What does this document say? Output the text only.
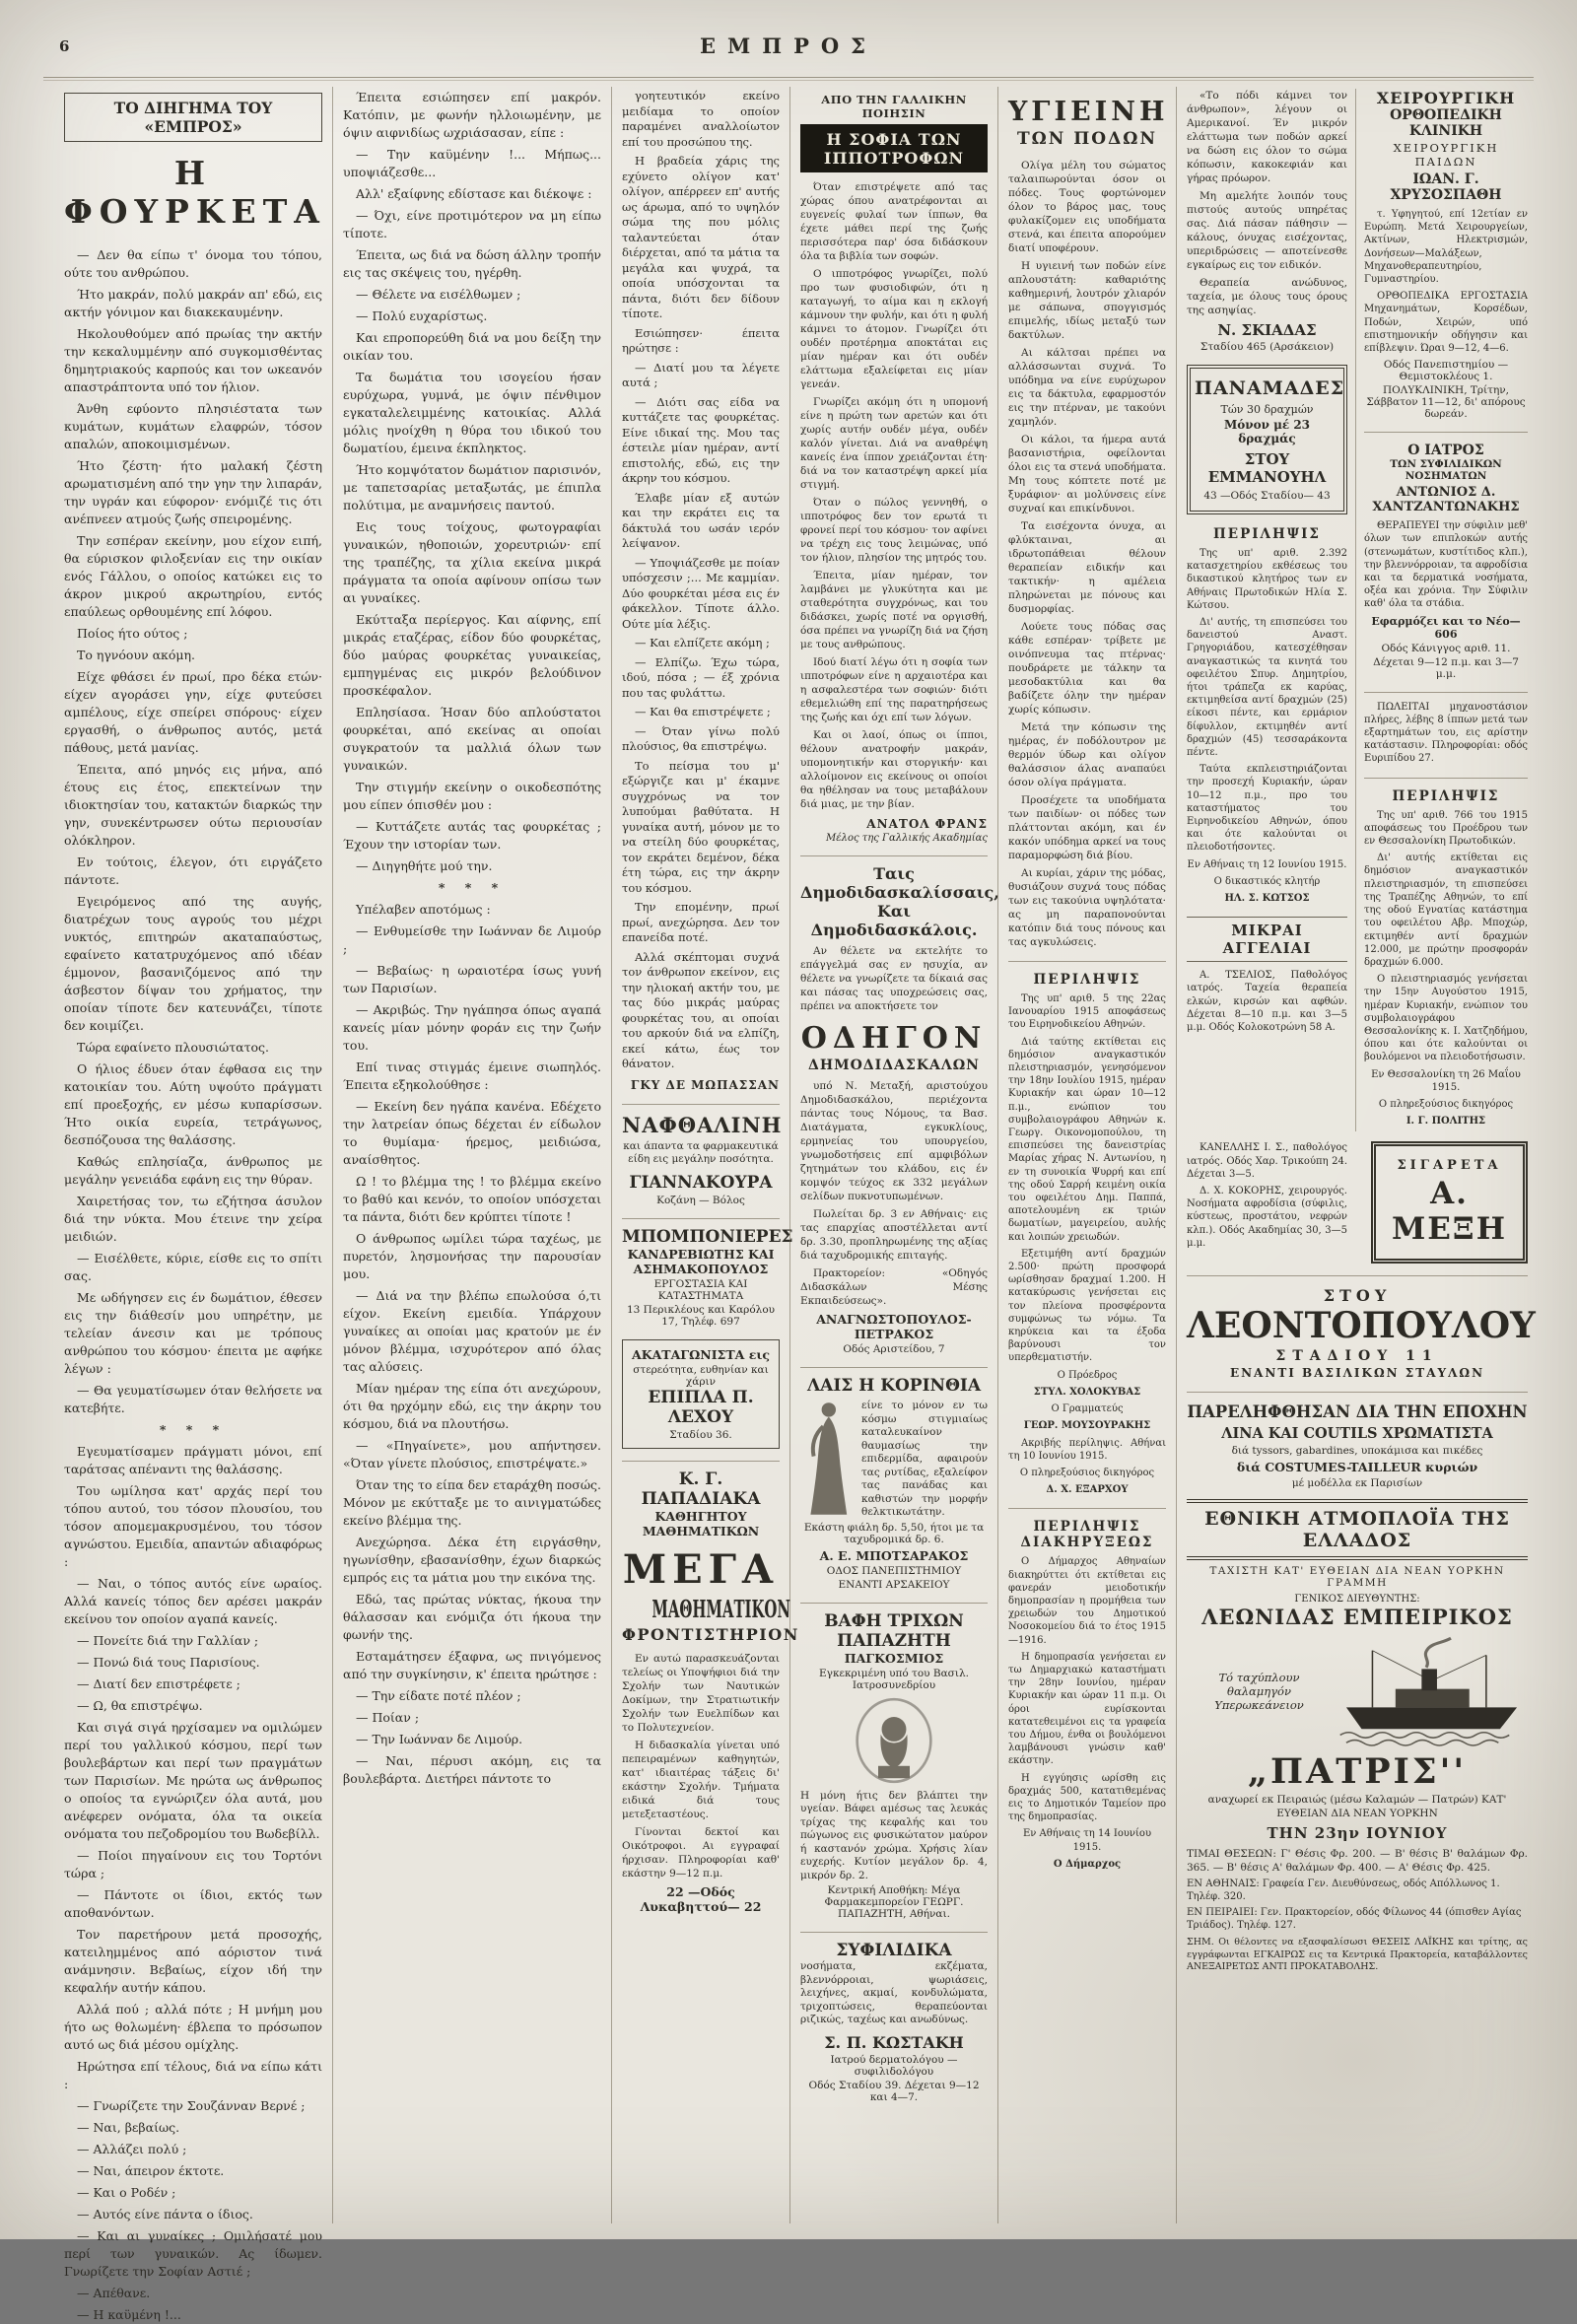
6	ΕΜΠΡΟΣ
ΤΟ ΔΙΗΓΗΜΑ ΤΟΥ «ΕΜΠΡΟΣ»
Η ΦΟΥΡΚΕΤΑ

— Δεν θα είπω τ' όνομα του τόπου, ούτε του ανθρώπου.

Ήτο μακράν, πολύ μακράν απ' εδώ, εις ακτήν γόνιμον και διακεκαυμένην.

Ηκολουθούμεν από πρωίας την ακτήν την κεκαλυμμένην από συγκομισθέντας δημητριακούς καρπούς και τον ωκεανόν απαστράπτοντα υπό τον ήλιον.

Άνθη εφύοντο πλησιέστατα των κυμάτων, κυμάτων ελαφρών, τόσον απαλών, αποκοιμισμένων.

Ήτο ζέστη· ήτο μαλακή ζέστη αρωματισμένη από την γην την λιπαράν, την υγράν και εύφορον· ενόμιζέ τις ότι ανέπνεεν ατμούς ζωής σπειρομένης.

Την εσπέραν εκείνην, μου είχον ειπή, θα εύρισκον φιλοξενίαν εις την οικίαν ενός Γάλλου, ο οποίος κατώκει εις το άκρον μικρού ακρωτηρίου, εντός επαύλεως ορθουμένης επί λόφου.

Ποίος ήτο ούτος ;

Το ηγνόουν ακόμη.

Είχε φθάσει έν πρωί, προ δέκα ετών· είχεν αγοράσει γην, είχε φυτεύσει αμπέλους, είχε σπείρει σπόρους· είχεν εργασθή, ο άνθρωπος αυτός, μετά πάθους, μετά μανίας.

Έπειτα, από μηνός εις μήνα, από έτους εις έτος, επεκτείνων την ιδιοκτησίαν του, κατακτών διαρκώς την γην, συνεκέντρωσεν ούτω περιουσίαν ολόκληρον.

Εν τούτοις, έλεγον, ότι ειργάζετο πάντοτε.

Εγειρόμενος από της αυγής, διατρέχων τους αγρούς του μέχρι νυκτός, επιτηρών ακαταπαύστως, εφαίνετο κατατρυχόμενος από ιδέαν έμμονον, βασανιζόμενος από την άσβεστον δίψαν του χρήματος, την οποίαν τίποτε δεν κατευνάζει, τίποτε δεν κοιμίζει.

Τώρα εφαίνετο πλουσιώτατος.

Ο ήλιος έδυεν όταν έφθασα εις την κατοικίαν του. Αύτη υψούτο πράγματι επί προεξοχής, εν μέσω κυπαρίσσων. Ήτο οικία ευρεία, τετράγωνος, δεσπόζουσα της θαλάσσης.

Καθώς επλησίαζα, άνθρωπος με μεγάλην γενειάδα εφάνη εις την θύραν.

Χαιρετήσας τον, τω εζήτησα άσυλον διά την νύκτα. Μου έτεινε την χείρα μειδιών.

— Εισέλθετε, κύριε, είσθε εις το σπίτι σας.

Με ωδήγησεν εις έν δωμάτιον, έθεσεν εις την διάθεσίν μου υπηρέτην, με τελείαν άνεσιν και με τρόπους ανθρώπου του κόσμου· έπειτα με αφήκε λέγων :

— Θα γευματίσωμεν όταν θελήσετε να κατεβήτε.

* * *

Εγευματίσαμεν πράγματι μόνοι, επί ταράτσας απέναντι της θαλάσσης.

Του ωμίλησα κατ' αρχάς περί του τόπου αυτού, του τόσον πλουσίου, του τόσον απομεμακρυσμένου, του τόσον αγνώστου. Εμειδία, απαντών αδιαφόρως :

— Ναι, ο τόπος αυτός είνε ωραίος. Αλλά κανείς τόπος δεν αρέσει μακράν εκείνου τον οποίον αγαπά κανείς.

— Πονείτε διά την Γαλλίαν ;

— Πονώ διά τους Παρισίους.

— Διατί δεν επιστρέφετε ;

— Ω, θα επιστρέψω.

Και σιγά σιγά ηρχίσαμεν να ομιλώμεν περί του γαλλικού κόσμου, περί των βουλεβάρτων και περί των πραγμάτων των Παρισίων. Με ηρώτα ως άνθρωπος ο οποίος τα εγνώριζεν όλα αυτά, μου ανέφερεν ονόματα, όλα τα οικεία ονόματα του πεζοδρομίου του Βωδεβίλλ.

— Ποίοι πηγαίνουν εις του Τορτόνι τώρα ;

— Πάντοτε οι ίδιοι, εκτός των αποθανόντων.

Τον παρετήρουν μετά προσοχής, κατειλημμένος από αόριστον τινά ανάμνησιν. Βεβαίως, είχον ιδή την κεφαλήν αυτήν κάπου.

Αλλά πού ; αλλά πότε ; Η μνήμη μου ήτο ως θολωμένη· έβλεπα το πρόσωπον αυτό ως διά μέσου ομίχλης.

Ηρώτησα επί τέλους, διά να είπω κάτι :

— Γνωρίζετε την Σουζάνναν Βερνέ ;

— Ναι, βεβαίως.

— Αλλάζει πολύ ;

— Ναι, άπειρον έκτοτε.

— Και ο Ροδέν ;

— Αυτός είνε πάντα ο ίδιος.

— Και αι γυναίκες ; Ομιλήσατέ μου περί των γυναικών. Ας ίδωμεν. Γνωρίζετε την Σοφίαν Αστιέ ;

— Απέθανε.

— Η καϋμένη !...

Έπειτα εσιώπησεν επί μακρόν. Κατόπιν, με φωνήν ηλλοιωμένην, με όψιν αιφνιδίως ωχριάσασαν, είπε :

— Την καϋμένην !... Μήπως... υποψιάζεσθε...

Αλλ' εξαίφνης εδίστασε και διέκοψε :

— Όχι, είνε προτιμότερον να μη είπω τίποτε.

Έπειτα, ως διά να δώση άλλην τροπήν εις τας σκέψεις του, ηγέρθη.

— Θέλετε να εισέλθωμεν ;

— Πολύ ευχαρίστως.

Και επροπορεύθη διά να μου δείξη την οικίαν του.

Τα δωμάτια του ισογείου ήσαν ευρύχωρα, γυμνά, με όψιν πένθιμον εγκαταλελειμμένης κατοικίας. Αλλά μόλις ηνοίχθη η θύρα του ιδικού του δωματίου, έμεινα έκπληκτος.

Ήτο κομψότατον δωμάτιον παρισινόν, με ταπετσαρίας μεταξωτάς, με έπιπλα πολύτιμα, με αναμνήσεις παντού.

Εις τους τοίχους, φωτογραφίαι γυναικών, ηθοποιών, χορευτριών· επί της τραπέζης, τα χίλια εκείνα μικρά πράγματα τα οποία αφίνουν οπίσω των αι γυναίκες.

Εκύτταξα περίεργος. Και αίφνης, επί μικράς εταζέρας, είδον δύο φουρκέτας, δύο μαύρας φουρκέτας γυναικείας, εμπηγμένας εις μικρόν βελούδινον προσκέφαλον.

Επλησίασα. Ήσαν δύο απλούστατοι φουρκέται, από εκείνας αι οποίαι συγκρατούν τα μαλλιά όλων των γυναικών.

Την στιγμήν εκείνην ο οικοδεσπότης μου είπεν όπισθέν μου :

— Κυττάζετε αυτάς τας φουρκέτας ; Έχουν την ιστορίαν των.

— Διηγηθήτε μού την.

* * *

Υπέλαβεν αποτόμως :

— Ενθυμείσθε την Ιωάνναν δε Λιμούρ ;

— Βεβαίως· η ωραιοτέρα ίσως γυνή των Παρισίων.

— Ακριβώς. Την ηγάπησα όπως αγαπά κανείς μίαν μόνην φοράν εις την ζωήν του.

Επί τινας στιγμάς έμεινε σιωπηλός. Έπειτα εξηκολούθησε :

— Εκείνη δεν ηγάπα κανένα. Εδέχετο την λατρείαν όπως δέχεται έν είδωλον το θυμίαμα· ήρεμος, μειδιώσα, αναίσθητος.

Ω ! το βλέμμα της ! το βλέμμα εκείνο το βαθύ και κενόν, το οποίον υπόσχεται τα πάντα, διότι δεν κρύπτει τίποτε !

Ο άνθρωπος ωμίλει τώρα ταχέως, με πυρετόν, λησμονήσας την παρουσίαν μου.

— Διά να την βλέπω επωλούσα ό,τι είχον. Εκείνη εμειδία. Υπάρχουν γυναίκες αι οποίαι μας κρατούν με έν μόνον βλέμμα, ισχυρότερον από όλας τας αλύσεις.

Μίαν ημέραν της είπα ότι ανεχώρουν, ότι θα ηρχόμην εδώ, εις την άκρην του κόσμου, διά να πλουτήσω.

— «Πηγαίνετε», μου απήντησεν. «Όταν γίνετε πλούσιος, επιστρέψατε.»

Όταν της το είπα δεν εταράχθη ποσώς. Μόνον με εκύτταξε με το αινιγματώδες εκείνο βλέμμα της.

Ανεχώρησα. Δέκα έτη ειργάσθην, ηγωνίσθην, εβασανίσθην, έχων διαρκώς εμπρός εις τα μάτια μου την εικόνα της.

Εδώ, τας πρώτας νύκτας, ήκουα την θάλασσαν και ενόμιζα ότι ήκουα την φωνήν της.

Εσταμάτησεν έξαφνα, ως πνιγόμενος από την συγκίνησιν, κ' έπειτα ηρώτησε :

— Την είδατε ποτέ πλέον ;

— Ποίαν ;

— Την Ιωάνναν δε Λιμούρ.

— Ναι, πέρυσι ακόμη, εις τα βουλεβάρτα. Διετήρει πάντοτε το

γοητευτικόν εκείνο μειδίαμα το οποίον παραμένει αναλλοίωτον επί του προσώπου της.

Η βραδεία χάρις της εχύνετο ολίγον κατ' ολίγον, απέρρεεν επ' αυτής ως άρωμα, από το υψηλόν σώμα της που μόλις ταλαντεύεται όταν διέρχεται, από τα μάτια τα μεγάλα και ψυχρά, τα οποία υπόσχονται τα πάντα, διότι δεν δίδουν τίποτε.

Εσιώπησεν· έπειτα ηρώτησε :

— Διατί μου τα λέγετε αυτά ;

— Διότι σας είδα να κυττάζετε τας φουρκέτας. Είνε ιδικαί της. Μου τας έστειλε μίαν ημέραν, αντί επιστολής, εδώ, εις την άκρην του κόσμου.

Έλαβε μίαν εξ αυτών και την εκράτει εις τα δάκτυλά του ωσάν ιερόν λείψανον.

— Υποψιάζεσθε με ποίαν υπόσχεσιν ;... Με καμμίαν. Δύο φουρκέται μέσα εις έν φάκελλον. Τίποτε άλλο. Ούτε μία λέξις.

— Και ελπίζετε ακόμη ;

— Ελπίζω. Έχω τώρα, ιδού, πόσα ; — έξ χρόνια που τας φυλάττω.

— Και θα επιστρέψετε ;

— Όταν γίνω πολύ πλούσιος, θα επιστρέψω.

Το πείσμα του μ' εξώργιζε και μ' έκαμνε συγχρόνως να τον λυπούμαι βαθύτατα. Η γυναίκα αυτή, μόνον με το να στείλη δύο φουρκέτας, τον εκράτει δεμένον, δέκα έτη τώρα, εις την άκρην του κόσμου.

Την επομένην, πρωί πρωί, ανεχώρησα. Δεν τον επανείδα ποτέ.

Αλλά σκέπτομαι συχνά τον άνθρωπον εκείνον, εις την ηλιοκαή ακτήν του, με τας δύο μικράς μαύρας φουρκέτας του, αι οποίαι του αρκούν διά να ελπίζη, εκεί κάτω, έως τον θάνατον.

ΓΚΥ ΔΕ ΜΩΠΑΣΣΑΝ

ΝΑΦΘΑΛΙΝΗ
και άπαντα τα φαρμακευτικά είδη εις μεγάλην ποσότητα.
ΓΙΑΝΝΑΚΟΥΡΑ
Κοζάνη — Βόλος
ΜΠΟΜΠΟΝΙΕΡΕΣ
ΚΑΝΔΡΕΒΙΩΤΗΣ ΚΑΙ ΑΣΗΜΑΚΟΠΟΥΛΟΣ
ΕΡΓΟΣΤΑΣΙΑ ΚΑΙ ΚΑΤΑΣΤΗΜΑΤΑ
13 Περικλέους και Καρόλου 17, Τηλέφ. 697
ΑΚΑΤΑΓΩΝΙΣΤΑ εις
στερεότητα, ευθηνίαν και χάριν
ΕΠΙΠΛΑ Π. ΛΕΧΟΥ
Σταδίου 36.
Κ. Γ. ΠΑΠΑΔΙΑΚΑ
ΚΑΘΗΓΗΤΟΥ ΜΑΘΗΜΑΤΙΚΩΝ
ΜΕΓΑ
ΜΑΘΗΜΑΤΙΚΟΝ
ΦΡΟΝΤΙΣΤΗΡΙΟΝ

Εν αυτώ παρασκευάζονται τελείως οι Υποψήφιοι διά την Σχολήν των Ναυτικών Δοκίμων, την Στρατιωτικήν Σχολήν των Ευελπίδων και το Πολυτεχνείον.

Η διδασκαλία γίνεται υπό πεπειραμένων καθηγητών, κατ' ιδιαιτέρας τάξεις δι' εκάστην Σχολήν. Τμήματα ειδικά διά τους μετεξεταστέους.

Γίνονται δεκτοί και Οικότροφοι. Αι εγγραφαί ήρχισαν. Πληροφορίαι καθ' εκάστην 9—12 π.μ.

22 —Οδός Λυκαβηττού— 22
ΑΠΟ ΤΗΝ ΓΑΛΛΙΚΗΝ ΠΟΙΗΣΙΝ
Η ΣΟΦΙΑ ΤΩΝ ΙΠΠΟΤΡΟΦΩΝ

Όταν επιστρέψετε από τας χώρας όπου ανατρέφονται αι ευγενείς φυλαί των ίππων, θα έχετε μάθει περί της ζωής περισσότερα παρ' όσα διδάσκουν όλα τα βιβλία των σοφών.

Ο ιπποτρόφος γνωρίζει, πολύ προ των φυσιοδιφών, ότι η καταγωγή, το αίμα και η εκλογή κάμνουν την φυλήν, και ότι η φυλή κάμνει το άτομον. Γνωρίζει ότι ουδέν προτέρημα αποκτάται εις μίαν ημέραν και ότι ουδέν ελάττωμα εξαλείφεται εις μίαν γενεάν.

Γνωρίζει ακόμη ότι η υπομονή είνε η πρώτη των αρετών και ότι χωρίς αυτήν ουδέν μέγα, ουδέν καλόν γίνεται. Διά να αναθρέψη κανείς ένα ίππον χρειάζονται έτη· διά να τον καταστρέψη αρκεί μία στιγμή.

Όταν ο πώλος γεννηθή, ο ιπποτρόφος δεν τον ερωτά τι φρονεί περί του κόσμου· τον αφίνει να τρέχη εις τους λειμώνας, υπό τον ήλιον, πλησίον της μητρός του.

Έπειτα, μίαν ημέραν, τον λαμβάνει με γλυκύτητα και με σταθερότητα συγχρόνως, και του διδάσκει, χωρίς ποτέ να οργισθή, όσα πρέπει να γνωρίζη διά να ζήση με τους ανθρώπους.

Ιδού διατί λέγω ότι η σοφία των ιπποτρόφων είνε η αρχαιοτέρα και η ασφαλεστέρα των σοφιών· διότι εθεμελιώθη επί της παρατηρήσεως της ζωής και όχι επί των λόγων.

Και οι λαοί, όπως οι ίπποι, θέλουν ανατροφήν μακράν, υπομονητικήν και στοργικήν· και αλλοίμονον εις εκείνους οι οποίοι θα ηθέλησαν να τους μεταβάλουν διά μιας, με την βίαν.

ΑΝΑΤΟΛ ΦΡΑΝΣ

Μέλος της Γαλλικής Ακαδημίας

Ταις Δημοδιδασκαλίσσαις,

Και Δημοδιδασκάλοις.

Αν θέλετε να εκτελήτε το επάγγελμά σας εν ησυχία, αν θέλετε να γνωρίζετε τα δίκαιά σας και πάσας τας υποχρεώσεις σας, πρέπει να αποκτήσετε τον

ΟΔΗΓΟΝ
ΔΗΜΟΔΙΔΑΣΚΑΛΩΝ

υπό Ν. Μεταξή, αριστούχου Δημοδιδασκάλου, περιέχοντα πάντας τους Νόμους, τα Βασ. Διατάγματα, εγκυκλίους, ερμηνείας του υπουργείου, γνωμοδοτήσεις επί αμφιβόλων ζητημάτων του κλάδου, εις έν κομψόν τεύχος εκ 332 μεγάλων σελίδων πυκνοτυπωμένων.

Πωλείται δρ. 3 εν Αθήναις· εις τας επαρχίας αποστέλλεται αντί δρ. 3.30, προπληρωμένης της αξίας διά ταχυδρομικής επιταγής.

Πρακτορείον: «Οδηγός Διδασκάλων Μέσης Εκπαιδεύσεως».

ΑΝΑΓΝΩΣΤΟΠΟΥΛΟΣ-ΠΕΤΡΑΚΟΣ
Οδός Αριστείδου, 7
ΛΑΙΣ Η ΚΟΡΙΝΘΙΑ
είνε το μόνον εν τω κόσμω στιγμιαίως καταλευκαίνον θαυμασίως την επιδερμίδα, αφαιρούν τας ρυτίδας, εξαλείφον τας πανάδας και καθιστών την μορφήν θελκτικωτάτην.
Εκάστη φιάλη δρ. 5,50, ήτοι με τα ταχυδρομικά δρ. 6.
Α. Ε. ΜΠΟΤΣΑΡΑΚΟΣ
ΟΔΟΣ ΠΑΝΕΠΙΣΤΗΜΙΟΥ
ΕΝΑΝΤΙ ΑΡΣΑΚΕΙΟΥ
ΒΑΦΗ ΤΡΙΧΩΝ
ΠΑΠΑΖΗΤΗ
ΠΑΓΚΟΣΜΙΟΣ
Εγκεκριμένη υπό του Βασιλ. Ιατροσυνεδρίου
Η μόνη ήτις δεν βλάπτει την υγείαν. Βάφει αμέσως τας λευκάς τρίχας της κεφαλής και του πώγωνος εις φυσικώτατον μαύρον ή καστανόν χρώμα. Χρήσις λίαν ευχερής. Κυτίον μεγάλον δρ. 4, μικρόν δρ. 2.
Κεντρική Αποθήκη: Μέγα Φαρμακεμπορείον ΓΕΩΡΓ. ΠΑΠΑΖΗΤΗ, Αθήναι.
ΣΥΦΙΛΙΔΙΚΑ
νοσήματα, εκζέματα, βλεννόρροιαι, ψωριάσεις, λειχήνες, ακμαί, κονδυλώματα, τριχοπτώσεις, θεραπεύονται ριζικώς, ταχέως και ανωδύνως.
Σ. Π. ΚΩΣΤΑΚΗ
Ιατρού δερματολόγου — συφιλιδολόγου
Οδός Σταδίου 39. Δέχεται 9—12 και 4—7.
ΥΓΙΕΙΝΗ
ΤΩΝ ΠΟΔΩΝ

Ολίγα μέλη του σώματος ταλαιπωρούνται όσον οι πόδες. Τους φορτώνομεν όλον το βάρος μας, τους φυλακίζομεν εις υποδήματα στενά, και έπειτα απορούμεν διατί υποφέρουν.

Η υγιεινή των ποδών είνε απλουστάτη: καθαριότης καθημερινή, λουτρόν χλιαρόν με σάπωνα, σπογγισμός επιμελής, ιδίως μεταξύ των δακτύλων.

Αι κάλτσαι πρέπει να αλλάσσωνται συχνά. Το υπόδημα να είνε ευρύχωρον εις τα δάκτυλα, εφαρμοστόν εις την πτέρναν, με τακούνι χαμηλόν.

Οι κάλοι, τα ήμερα αυτά βασανιστήρια, οφείλονται όλοι εις τα στενά υποδήματα. Μη τους κόπτετε ποτέ με ξυράφιον· αι μολύνσεις είνε συχναί και επικίνδυνοι.

Τα εισέχοντα όνυχα, αι φλύκταιναι, αι ιδρωτοπάθειαι θέλουν θεραπείαν ειδικήν και τακτικήν· η αμέλεια πληρώνεται με πόνους και δυσμορφίας.

Λούετε τους πόδας σας κάθε εσπέραν· τρίβετε με οινόπνευμα τας πτέρνας· πουδράρετε με τάλκην τα μεσοδακτύλια και θα βαδίζετε όλην την ημέραν χωρίς κόπωσιν.

Μετά την κόπωσιν της ημέρας, έν ποδόλουτρον με θερμόν ύδωρ και ολίγον θαλάσσιον άλας αναπαύει όσον ολίγα πράγματα.

Προσέχετε τα υποδήματα των παιδίων· οι πόδες των πλάττονται ακόμη, και έν κακόν υπόδημα αρκεί να τους παραμορφώση διά βίου.

Αι κυρίαι, χάριν της μόδας, θυσιάζουν συχνά τους πόδας των εις τακούνια υψηλότατα· ας μη παραπονούνται κατόπιν διά τους πόνους και τας αγκυλώσεις.

ΠΕΡΙΛΗΨΙΣ

Της υπ' αριθ. 5 της 22ας Ιανουαρίου 1915 αποφάσεως του Ειρηνοδικείου Αθηνών.

Διά ταύτης εκτίθεται εις δημόσιον αναγκαστικόν πλειστηριασμόν, γενησόμενον την 18ην Ιουλίου 1915, ημέραν Κυριακήν και ώραν 10—12 π.μ., ενώπιον του συμβολαιογράφου Αθηνών κ. Γεωργ. Οικονομοπούλου, τη επισπεύσει της δανειστρίας Μαρίας χήρας Ν. Αντωνίου, η εν τη συνοικία Ψυρρή και επί της οδού Σαρρή κειμένη οικία του οφειλέτου Δημ. Παππά, αποτελουμένη εκ τριών δωματίων, μαγειρείου, αυλής και λοιπών χρειωδών.

Εξετιμήθη αντί δραχμών 2.500· πρώτη προσφορά ωρίσθησαν δραχμαί 1.200. Η κατακύρωσις γενήσεται εις τον πλείονα προσφέροντα συμφώνως τω νόμω. Τα κηρύκεια και τα έξοδα βαρύνουσι τον υπερθεματιστήν.

Ο Πρόεδρος

ΣΤΥΛ. ΧΟΛΟΚΥΒΑΣ

Ο Γραμματεύς

ΓΕΩΡ. ΜΟΥΣΟΥΡΑΚΗΣ

Ακριβής περίληψις. Αθήναι τη 10 Ιουνίου 1915.

Ο πληρεξούσιος δικηγόρος

Δ. Χ. ΕΞΑΡΧΟΥ

ΠΕΡΙΛΗΨΙΣ ΔΙΑΚΗΡΥΞΕΩΣ

Ο Δήμαρχος Αθηναίων διακηρύττει ότι εκτίθεται εις φανεράν μειοδοτικήν δημοπρασίαν η προμήθεια των χρειωδών του Δημοτικού Νοσοκομείου διά το έτος 1915—1916.

Η δημοπρασία γενήσεται εν τω Δημαρχιακώ καταστήματι την 28ην Ιουνίου, ημέραν Κυριακήν και ώραν 11 π.μ. Οι όροι ευρίσκονται κατατεθειμένοι εις τα γραφεία του Δήμου, ένθα οι βουλόμενοι λαμβάνουσι γνώσιν καθ' εκάστην.

Η εγγύησις ωρίσθη εις δραχμάς 500, κατατιθεμένας εις το Δημοτικόν Ταμείον προ της δημοπρασίας.

Εν Αθήναις τη 14 Ιουνίου 1915.

Ο Δήμαρχος

«Το πόδι κάμνει τον άνθρωπον», λέγουν οι Αμερικανοί. Έν μικρόν ελάττωμα των ποδών αρκεί να δώση εις όλον το σώμα κόπωσιν, κακοκεφιάν και γήρας πρόωρον.

Μη αμελήτε λοιπόν τους πιστούς αυτούς υπηρέτας σας. Διά πάσαν πάθησιν — κάλους, όνυχας εισέχοντας, υπεριδρώσεις — αποτείνεσθε εγκαίρως εις τον ειδικόν.

Θεραπεία ανώδυνος, ταχεία, με όλους τους όρους της ασηψίας.

Ν. ΣΚΙΑΔΑΣ
Σταδίου 465 (Αρσάκειον)
ΠΑΝΑΜΑΔΕΣ
Τών 30 δραχμών
Μόνον μέ 23 δραχμάς
ΣΤΟΥ ΕΜΜΑΝΟΥΗΛ
43 —Οδός Σταδίου— 43
ΠΕΡΙΛΗΨΙΣ

Της υπ' αριθ. 2.392 κατασχετηρίου εκθέσεως του δικαστικού κλητήρος των εν Αθήναις Πρωτοδικών Ηλία Σ. Κώτσου.

Δι' αυτής, τη επισπεύσει του δανειστού Αναστ. Γρηγοριάδου, κατεσχέθησαν αναγκαστικώς τα κινητά του οφειλέτου Σπυρ. Δημητρίου, ήτοι τράπεζα εκ καρύας, εκτιμηθείσα αντί δραχμών (25) είκοσι πέντε, και ερμάριον δίφυλλον, εκτιμηθέν αντί δραχμών (45) τεσσαράκοντα πέντε.

Ταύτα εκπλειστηριάζονται την προσεχή Κυριακήν, ώραν 10—12 π.μ., προ του καταστήματος του Ειρηνοδικείου Αθηνών, όπου και ότε καλούνται οι πλειοδοτήσοντες.

Εν Αθήναις τη 12 Ιουνίου 1915.

Ο δικαστικός κλητήρ

ΗΛ. Σ. ΚΩΤΣΟΣ

ΜΙΚΡΑΙ ΑΓΓΕΛΙΑΙ

Α. ΤΣΕΛΙΟΣ, Παθολόγος ιατρός. Ταχεία θεραπεία ελκών, κιρσών και αφθών. Δέχεται 8—10 π.μ. και 3—5 μ.μ. Οδός Κολοκοτρώνη 58 Α.

ΧΕΙΡΟΥΡΓΙΚΗ
ΟΡΘΟΠΕΔΙΚΗ ΚΛΙΝΙΚΗ
ΧΕΙΡΟΥΡΓΙΚΗ ΠΑΙΔΩΝ
ΙΩΑΝ. Γ. ΧΡΥΣΟΣΠΑΘΗ

τ. Υφηγητού, επί 12ετίαν εν Ευρώπη. Μετά Χειρουργείων, Ακτίνων, Ηλεκτρισμών, Δονήσεων—Μαλάξεων, Μηχανοθεραπευτηρίου, Γυμναστηρίου.

ΟΡΘΟΠΕΔΙΚΑ ΕΡΓΟΣΤΑΣΙΑ Μηχανημάτων, Κορσέδων, Ποδών, Χειρών, υπό επιστημονικήν οδήγησιν και επίβλεψιν. Ώραι 9—12, 4—6.

Οδός Πανεπιστημίου — Θεμιστοκλέους 1.
ΠΟΛΥΚΛΙΝΙΚΗ, Τρίτην, Σάββατον 11—12, δι' απόρους δωρεάν.
Ο ΙΑΤΡΟΣ
ΤΩΝ ΣΥΦΙΛΙΔΙΚΩΝ ΝΟΣΗΜΑΤΩΝ
ΑΝΤΩΝΙΟΣ Δ. ΧΑΝΤΖΑΝΤΩΝΑΚΗΣ

ΘΕΡΑΠΕΥΕΙ την σύφιλιν μεθ' όλων των επιπλοκών αυτής (στενωμάτων, κυστίτιδος κλπ.), την βλεννόρροιαν, τα αφροδίσια και τα δερματικά νοσήματα, οξέα και χρόνια. Την Σύφιλιν καθ' όλα τα στάδια.

Εφαρμόζει και το Νέο—606
Οδός Κάνιγγος αριθ. 11.
Δέχεται 9—12 π.μ. και 3—7 μ.μ.

ΠΩΛΕΙΤΑΙ μηχανοστάσιον πλήρες, λέβης 8 ίππων μετά των εξαρτημάτων του, εις αρίστην κατάστασιν. Πληροφορίαι: οδός Ευριπίδου 27.

ΠΕΡΙΛΗΨΙΣ

Της υπ' αριθ. 766 του 1915 αποφάσεως του Προέδρου των εν Θεσσαλονίκη Πρωτοδικών.

Δι' αυτής εκτίθεται εις δημόσιον αναγκαστικόν πλειστηριασμόν, τη επισπεύσει της Τραπέζης Αθηνών, το επί της οδού Εγνατίας κατάστημα του οφειλέτου Αβρ. Μποχώρ, εκτιμηθέν αντί δραχμών 12.000, με πρώτην προσφοράν δραχμών 6.000.

Ο πλειστηριασμός γενήσεται την 15ην Αυγούστου 1915, ημέραν Κυριακήν, ενώπιον του συμβολαιογράφου Θεσσαλονίκης κ. Ι. Χατζηδήμου, όπου και ότε καλούνται οι βουλόμενοι να πλειοδοτήσωσιν.

Εν Θεσσαλονίκη τη 26 Μαΐου 1915.

Ο πληρεξούσιος δικηγόρος

Ι. Γ. ΠΟΛΙΤΗΣ

ΚΑΝΕΛΛΗΣ Ι. Σ., παθολόγος ιατρός. Οδός Χαρ. Τρικούπη 24. Δέχεται 3—5.

Δ. Χ. ΚΟΚΟΡΗΣ, χειρουργός. Νοσήματα αφροδίσια (σύφιλις, κύστεως, προστάτου, νεφρών κλπ.). Οδός Ακαδημίας 30, 3—5 μ.μ.

ΣΙΓΑΡΕΤΑ
Α. ΜΕΞΗ
ΣΤΟΥ
ΛΕΟΝΤΟΠΟΥΛΟΥ
ΣΤΑΔΙΟΥ 11
ΕΝΑΝΤΙ ΒΑΣΙΛΙΚΩΝ ΣΤΑΥΛΩΝ
ΠΑΡΕΛΗΦΘΗΣΑΝ ΔΙΑ ΤΗΝ ΕΠΟΧΗΝ
ΛΙΝΑ ΚΑΙ COUTILS ΧΡΩΜΑΤΙΣΤΑ
διά tyssors, gabardines, υποκάμισα και πικέδες
διά COSTUMES-TAILLEUR κυριών
μέ μοδέλλα εκ Παρισίων
ΕΘΝΙΚΗ ΑΤΜΟΠΛΟΪΑ ΤΗΣ ΕΛΛΑΔΟΣ
ΤΑΧΙΣΤΗ ΚΑΤ' ΕΥΘΕΙΑΝ ΔΙΑ ΝΕΑΝ ΥΟΡΚΗΝ ΓΡΑΜΜΗ
ΓΕΝΙΚΟΣ ΔΙΕΥΘΥΝΤΗΣ:
ΛΕΩΝΙΔΑΣ ΕΜΠΕΙΡΙΚΟΣ
Τό ταχύπλουν θαλαμηγόν Υπερωκεάνειον
„ΠΑΤΡΙΣ''
αναχωρεί εκ Πειραιώς (μέσω Καλαμών — Πατρών) ΚΑΤ' ΕΥΘΕΙΑΝ ΔΙΑ ΝΕΑΝ ΥΟΡΚΗΝ
ΤΗΝ 23ην ΙΟΥΝΙΟΥ
ΤΙΜΑΙ ΘΕΣΕΩΝ: Γ' Θέσις Φρ. 200. — Β' θέσις Β' θαλάμων Φρ. 365. — Β' θέσις Α' θαλάμων Φρ. 400. — Α' Θέσις Φρ. 425.
ΕΝ ΑΘΗΝΑΙΣ: Γραφεία Γεν. Διευθύνσεως, οδός Απόλλωνος 1. Τηλέφ. 320.
ΕΝ ΠΕΙΡΑΙΕΙ: Γεν. Πρακτορείον, οδός Φίλωνος 44 (όπισθεν Αγίας Τριάδος). Τηλέφ. 127.
ΣΗΜ. Οι θέλοντες να εξασφαλίσωσι ΘΕΣΕΙΣ ΛΑΪΚΗΣ και τρίτης, ας εγγράφωνται ΕΓΚΑΙΡΩΣ εις τα Κεντρικά Πρακτορεία, καταβάλλοντες ΑΝΕΞΑΙΡΕΤΩΣ ΑΝΤΙ ΠΡΟΚΑΤΑΒΟΛΗΣ.
